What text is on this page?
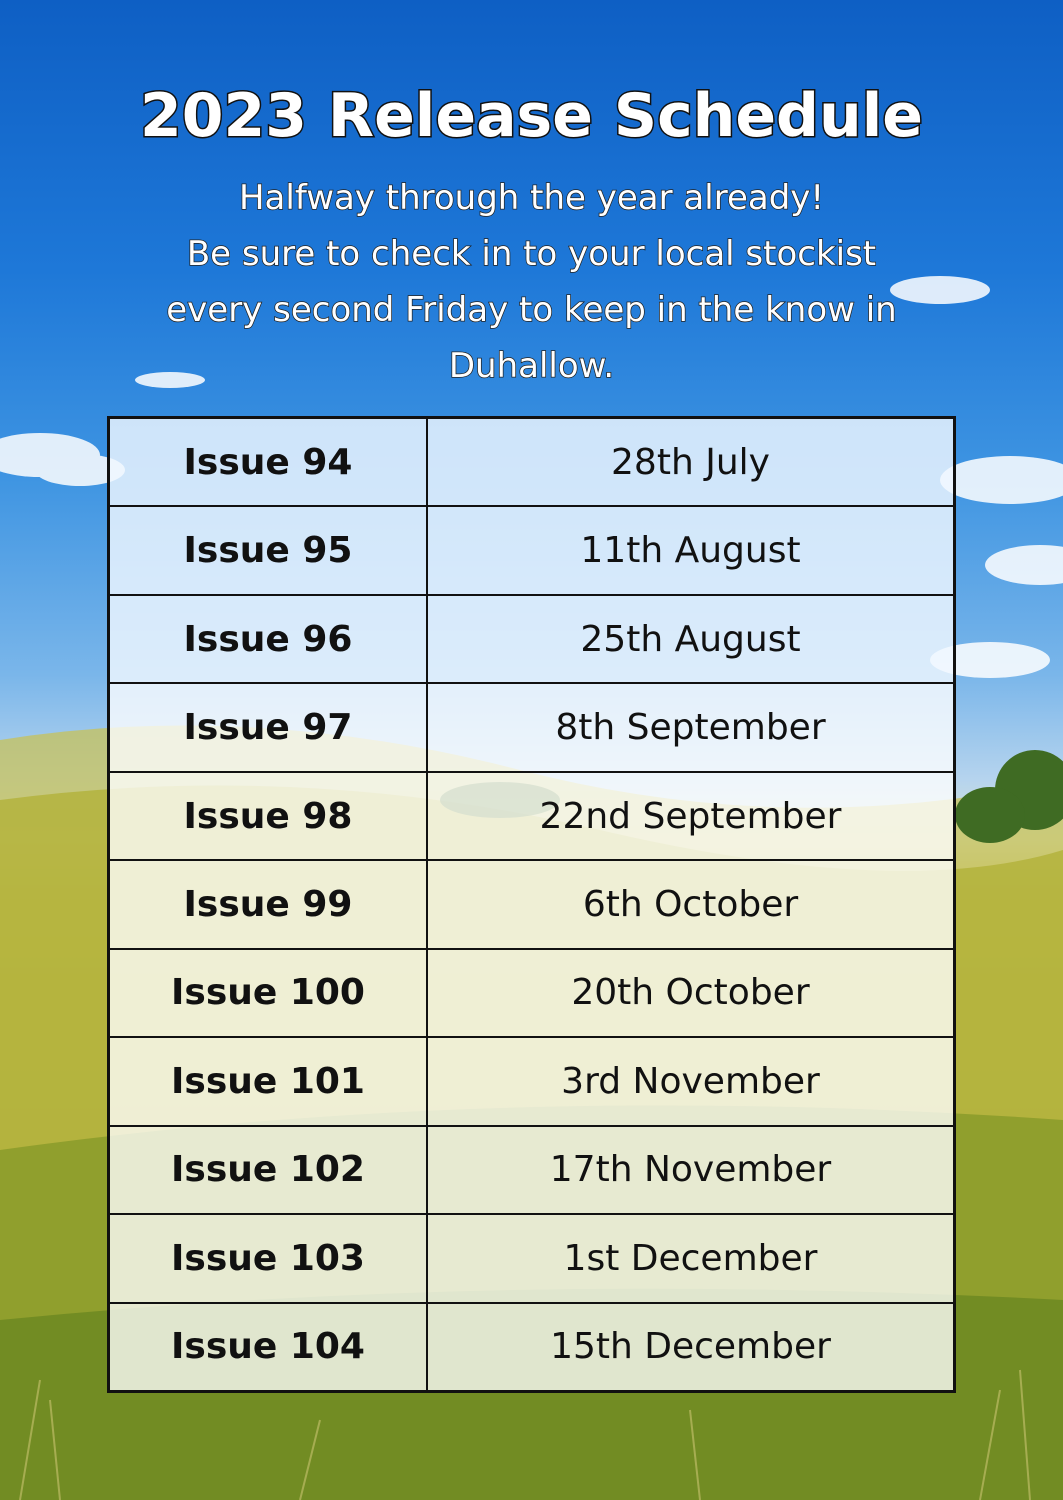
2023 Release Schedule
Halfway through the year already!
Be sure to check in to your local stockist
every second Friday to keep in the know in
Duhallow.
Issue 94	28th July
Issue 95	11th August
Issue 96	25th August
Issue 97	8th September
Issue 98	22nd September
Issue 99	6th October
Issue 100	20th October
Issue 101	3rd November
Issue 102	17th November
Issue 103	1st December
Issue 104	15th December
